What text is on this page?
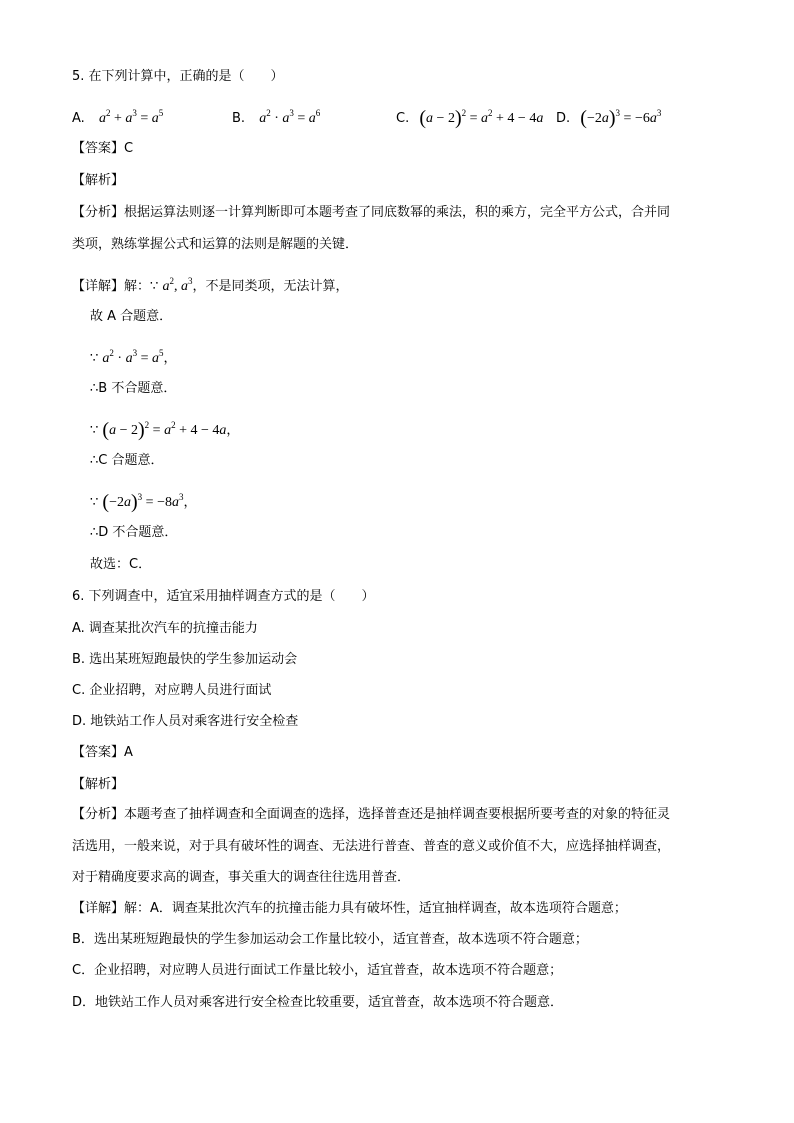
5. 在下列计算中，正确的是（　　）
A. $a^2 + a^3 = a^5$	B. $a^2 \cdot a^3 = a^6$	C. $(a - 2)^2 = a^2 + 4 - 4a$ D. $(-2a)^3 = -6a^3$
【答案】C
【解析】
【分析】根据运算法则逐一计算判断即可本题考查了同底数幂的乘法，积的乘方，完全平方公式，合并同
类项，熟练掌握公式和运算的法则是解题的关键．
【详解】解：∵ $a^2$, $a^3$，不是同类项，无法计算，
故 A 合题意．
∵ $a^2 \cdot a^3 = a^5$，
∴B 不合题意．
∵ $(a - 2)^2 = a^2 + 4 - 4a$，
∴C 合题意．
∵ $(-2a)^3 = -8a^3$，
∴D 不合题意．
故选：C．
6. 下列调查中，适宜采用抽样调查方式的是（　　）
A. 调查某批次汽车的抗撞击能力
B. 选出某班短跑最快的学生参加运动会
C. 企业招聘，对应聘人员进行面试
D. 地铁站工作人员对乘客进行安全检查
【答案】A
【解析】
【分析】本题考查了抽样调查和全面调查的选择，选择普查还是抽样调查要根据所要考查的对象的特征灵
活选用，一般来说，对于具有破坏性的调查、无法进行普查、普查的意义或价值不大，应选择抽样调查，
对于精确度要求高的调查，事关重大的调查往往选用普查．
【详解】解：A．调查某批次汽车的抗撞击能力具有破坏性，适宜抽样调查，故本选项符合题意；
B．选出某班短跑最快的学生参加运动会工作量比较小，适宜普查，故本选项不符合题意；
C．企业招聘，对应聘人员进行面试工作量比较小，适宜普查，故本选项不符合题意；
D．地铁站工作人员对乘客进行安全检查比较重要，适宜普查，故本选项不符合题意．
